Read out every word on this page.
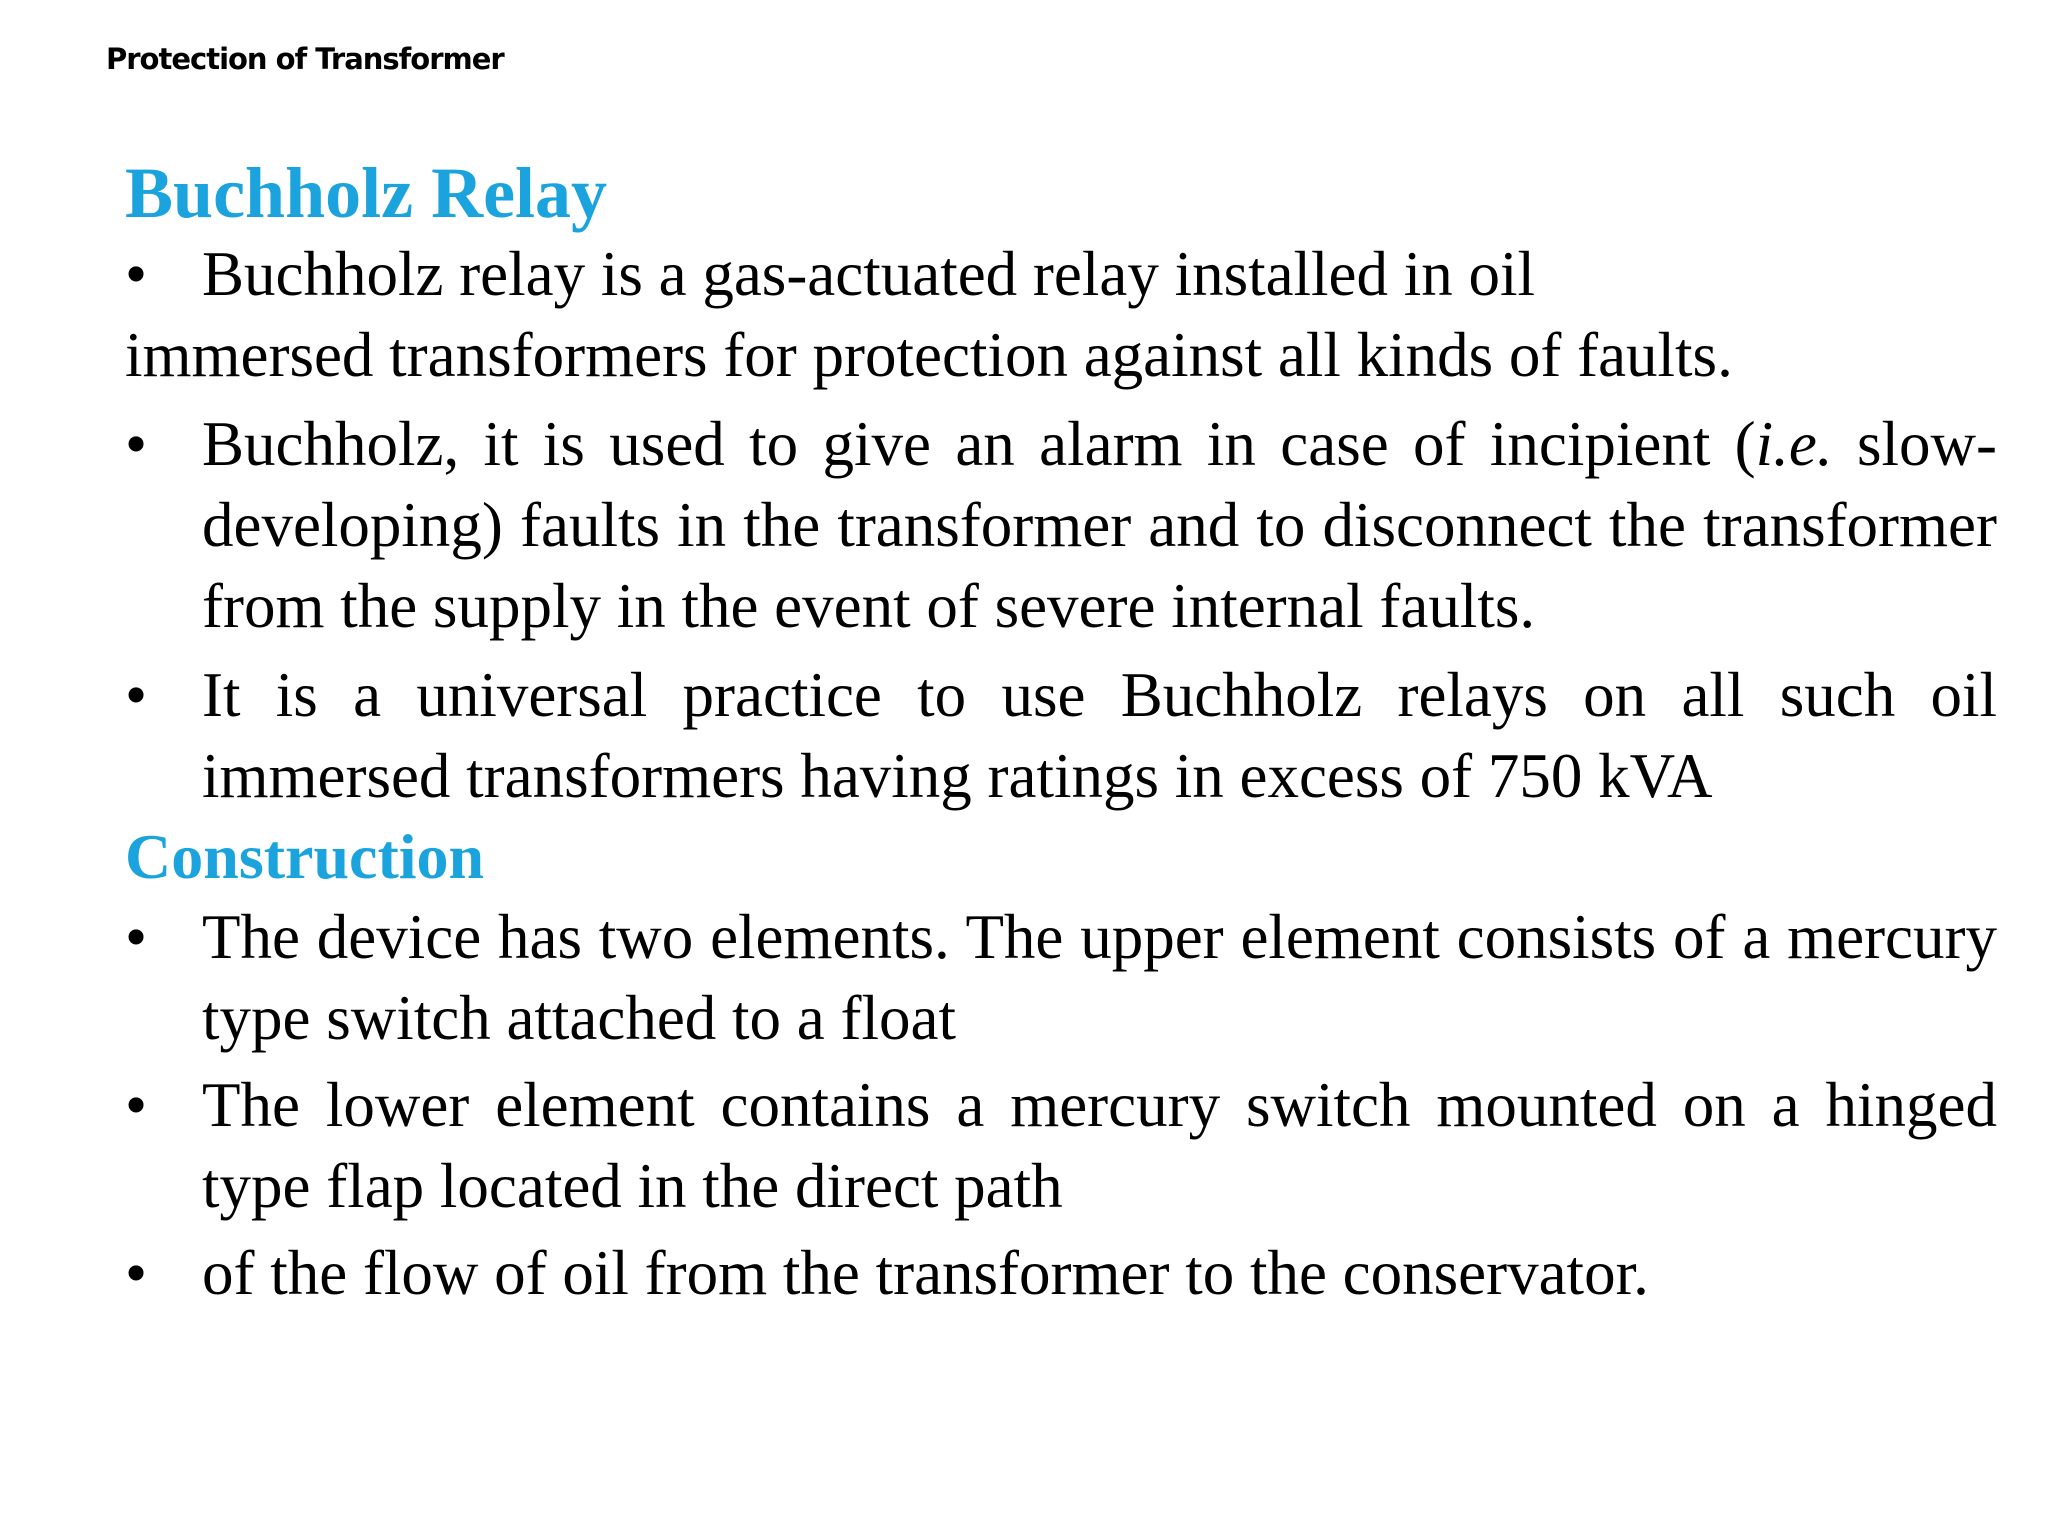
Protection of Transformer
Buchholz Relay
• Buchholz relay is a gas-actuated relay installed in oil

immersed transformers for protection against all kinds of faults.

• Buchholz, it is used to give an alarm in case of incipient (i.e. slow-developing) faults in the transformer and to disconnect the transformer from the supply in the event of severe internal faults.
• It is a universal practice to use Buchholz relays on all such oil immersed transformers having ratings in excess of 750 kVA
Construction
• The device has two elements. The upper element consists of a mercury type switch attached to a float
• The lower element contains a mercury switch mounted on a hinged type flap located in the direct path
• of the flow of oil from the transformer to the conservator.
